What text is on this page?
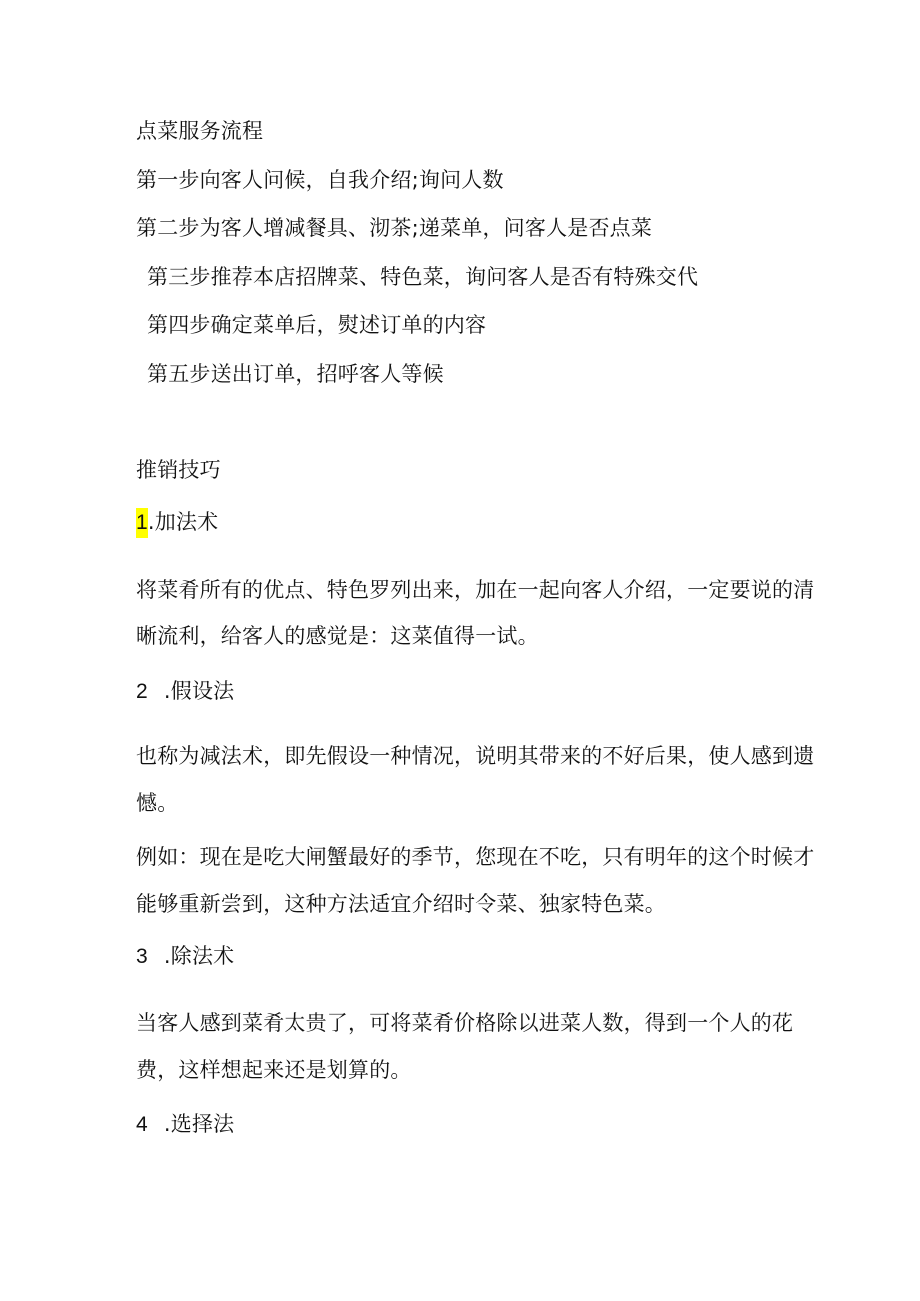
点菜服务流程
第一步向客人问候，自我介绍;询问人数
第二步为客人增减餐具、沏茶;递菜单，问客人是否点菜
第三步推荐本店招牌菜、特色菜，询问客人是否有特殊交代
第四步确定菜单后，熨述订单的内容
第五步送出订单，招呼客人等候
推销技巧
1.加法术
将菜肴所有的优点、特色罗列出来，加在一起向客人介绍，一定要说的清
晰流利，给客人的感觉是：这菜值得一试。
2 .假设法
也称为减法术，即先假设一种情况，说明其带来的不好后果，使人感到遗
憾。
例如：现在是吃大闸蟹最好的季节，您现在不吃，只有明年的这个时候才
能够重新尝到，这种方法适宜介绍时令菜、独家特色菜。
3 .除法术
当客人感到菜肴太贵了，可将菜肴价格除以进菜人数，得到一个人的花
费，这样想起来还是划算的。
4 .选择法
